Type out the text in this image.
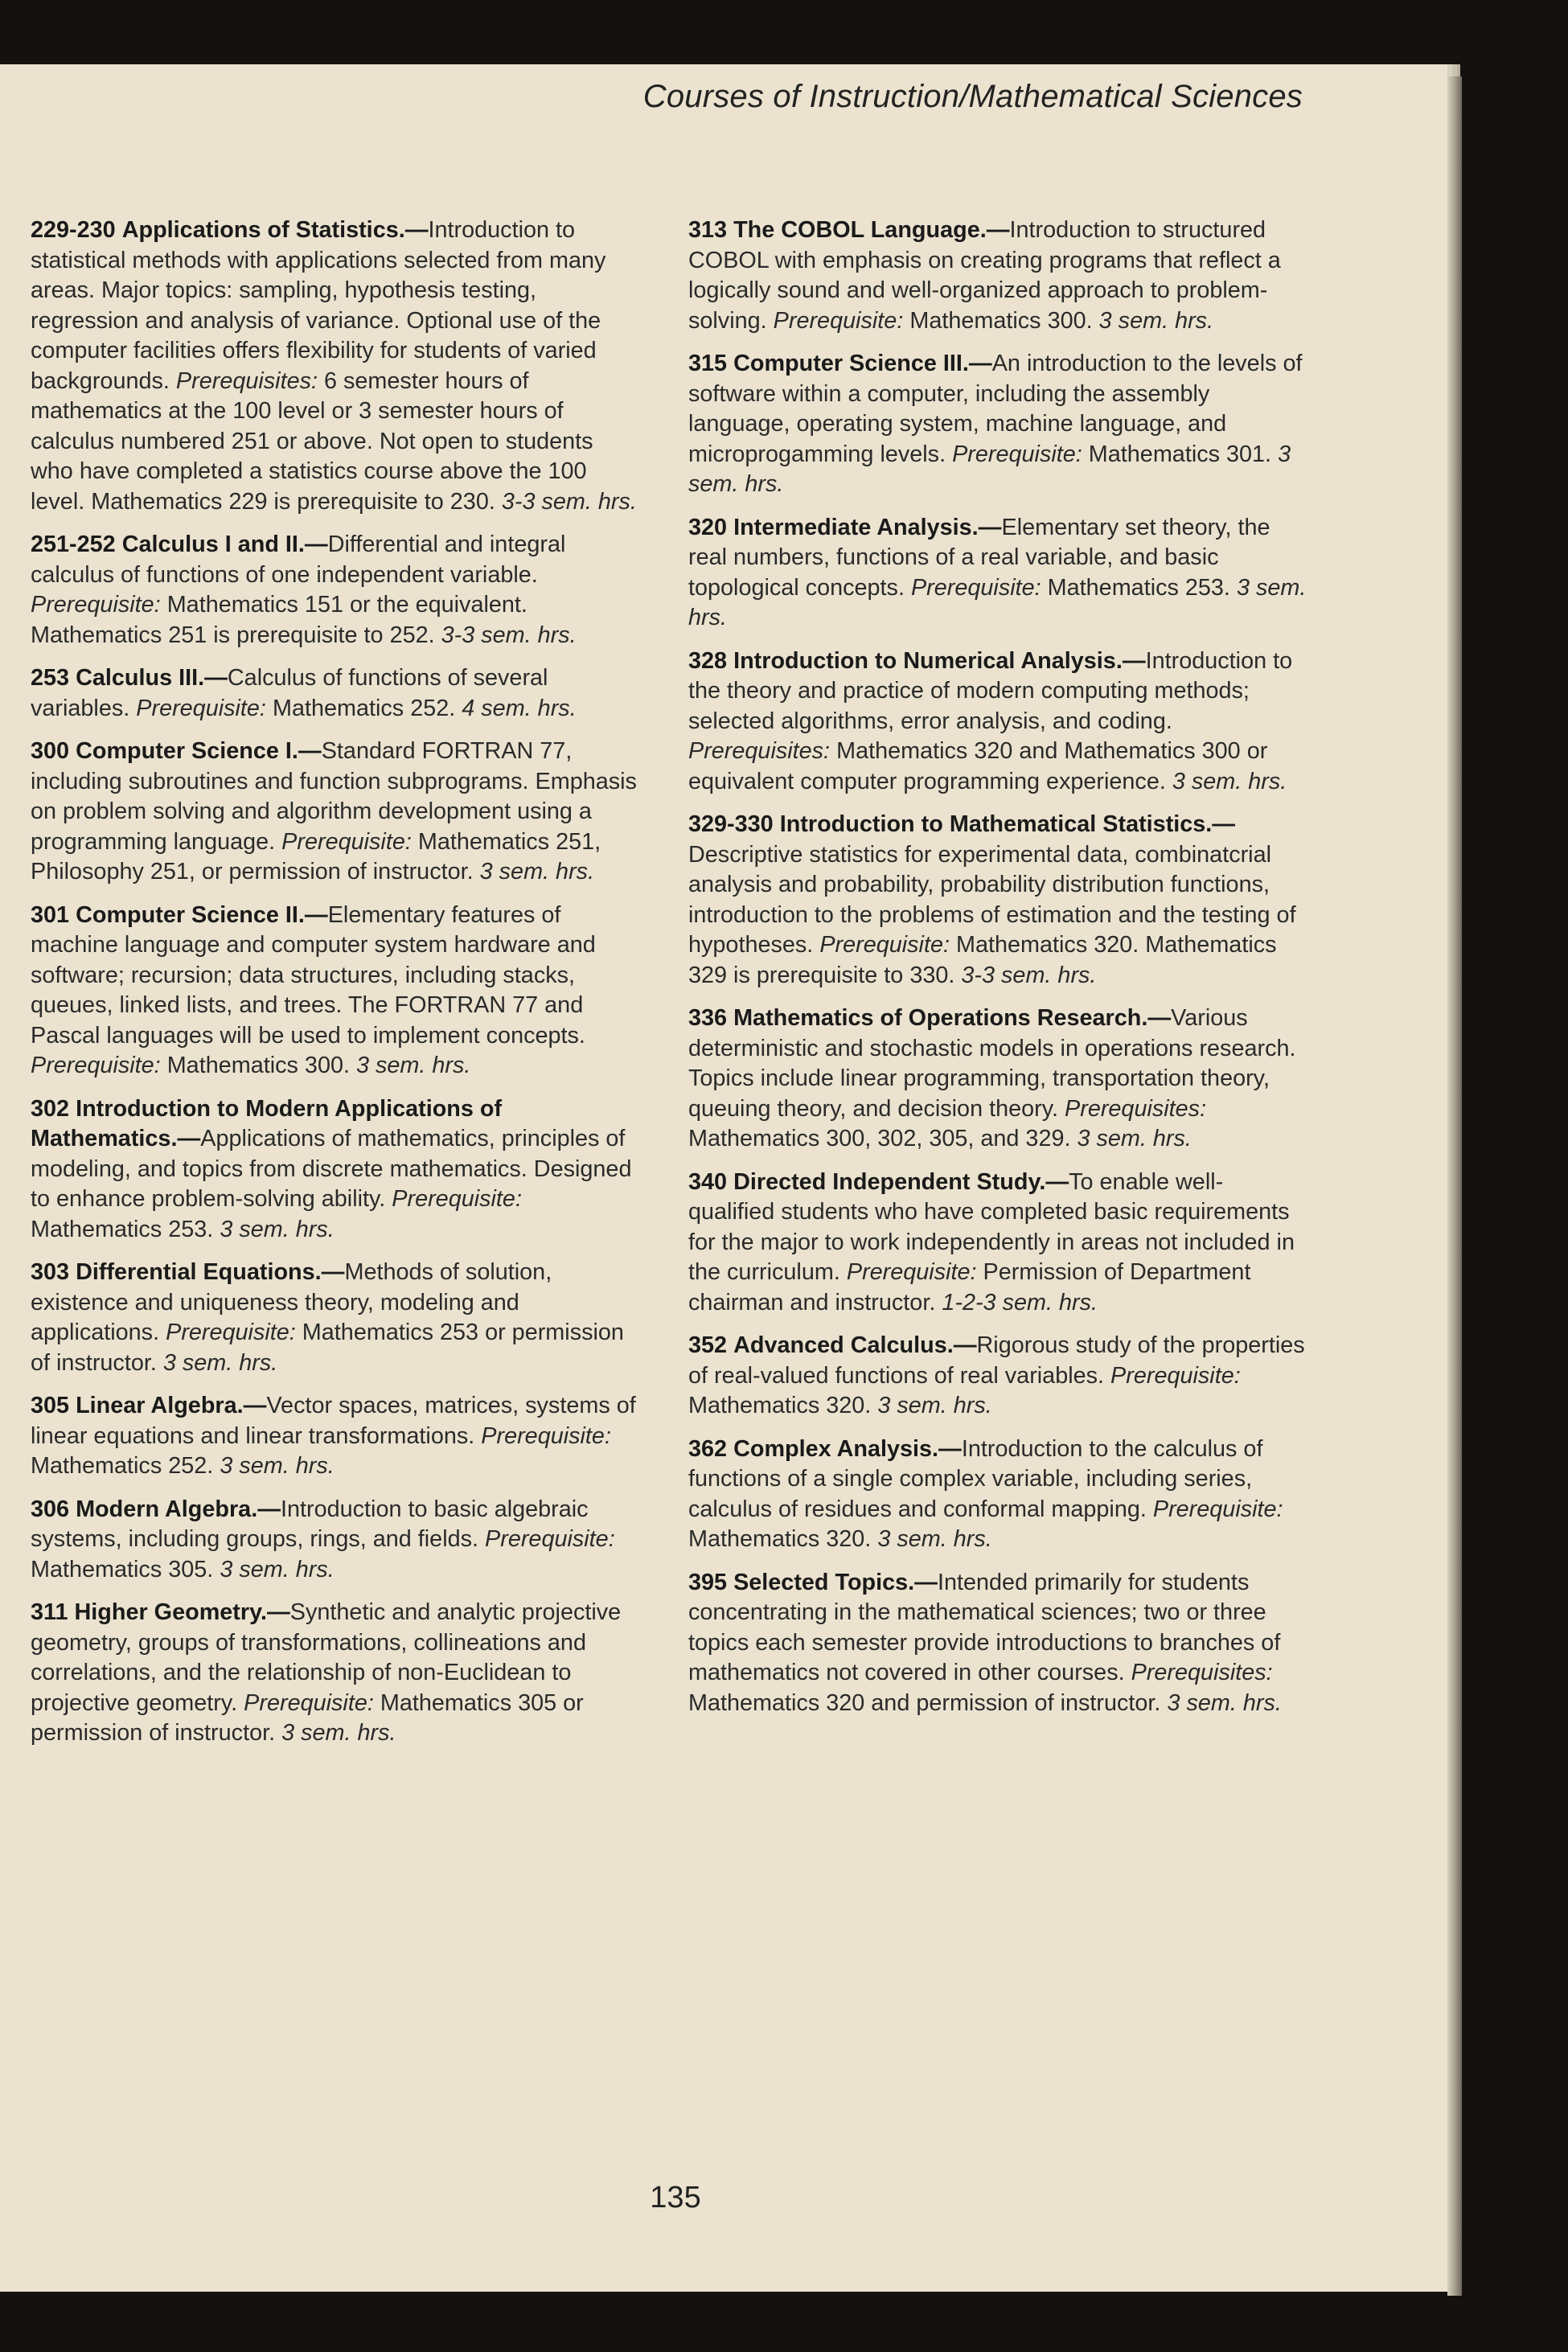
Courses of Instruction/Mathematical Sciences

229-230 Applications of Statistics.—Introduction to statistical methods with applications selected from many areas. Major topics: sampling, hypothesis testing, regression and analysis of variance. Optional use of the computer facilities offers flexibility for students of varied backgrounds. Prerequisites: 6 semester hours of mathematics at the 100 level or 3 semester hours of calculus numbered 251 or above. Not open to students who have completed a statistics course above the 100 level. Mathematics 229 is prerequisite to 230. 3-3 sem. hrs.

251-252 Calculus I and II.—Differential and integral calculus of functions of one independent variable. Prerequisite: Mathematics 151 or the equivalent. Mathematics 251 is prerequisite to 252. 3-3 sem. hrs.

253 Calculus III.—Calculus of functions of several variables. Prerequisite: Mathematics 252. 4 sem. hrs.

300 Computer Science I.—Standard FORTRAN 77, including subroutines and function subprograms. Emphasis on problem solving and algorithm development using a programming language. Prerequisite: Mathematics 251, Philosophy 251, or permission of instructor. 3 sem. hrs.

301 Computer Science II.—Elementary features of machine language and computer system hardware and software; recursion; data structures, including stacks, queues, linked lists, and trees. The FORTRAN 77 and Pascal languages will be used to implement concepts. Prerequisite: Mathematics 300. 3 sem. hrs.

302 Introduction to Modern Applications of Mathematics.—Applications of mathematics, principles of modeling, and topics from discrete mathematics. Designed to enhance problem-solving ability. Prerequisite: Mathematics 253. 3 sem. hrs.

303 Differential Equations.—Methods of solution, existence and uniqueness theory, modeling and applications. Prerequisite: Mathematics 253 or permission of instructor. 3 sem. hrs.

305 Linear Algebra.—Vector spaces, matrices, systems of linear equations and linear transformations. Prerequisite: Mathematics 252. 3 sem. hrs.

306 Modern Algebra.—Introduction to basic algebraic systems, including groups, rings, and fields. Prerequisite: Mathematics 305. 3 sem. hrs.

311 Higher Geometry.—Synthetic and analytic projective geometry, groups of transformations, collineations and correlations, and the relationship of non-Euclidean to projective geometry. Prerequisite: Mathematics 305 or permission of instructor. 3 sem. hrs.

313 The COBOL Language.—Introduction to structured COBOL with emphasis on creating programs that reflect a logically sound and well-organized approach to problem-solving. Prerequisite: Mathematics 300. 3 sem. hrs.

315 Computer Science III.—An introduction to the levels of software within a computer, including the assembly language, operating system, machine language, and microprogamming levels. Prerequisite: Mathematics 301. 3 sem. hrs.

320 Intermediate Analysis.—Elementary set theory, the real numbers, functions of a real variable, and basic topological concepts. Prerequisite: Mathematics 253. 3 sem. hrs.

328 Introduction to Numerical Analysis.—Introduction to the theory and practice of modern computing methods; selected algorithms, error analysis, and coding. Prerequisites: Mathematics 320 and Mathematics 300 or equivalent computer programming experience. 3 sem. hrs.

329-330 Introduction to Mathematical Statistics.—Descriptive statistics for experimental data, combinatcrial analysis and probability, probability distribution functions, introduction to the problems of estimation and the testing of hypotheses. Prerequisite: Mathematics 320. Mathematics 329 is prerequisite to 330. 3-3 sem. hrs.

336 Mathematics of Operations Research.—Various deterministic and stochastic models in operations research. Topics include linear programming, transportation theory, queuing theory, and decision theory. Prerequisites: Mathematics 300, 302, 305, and 329. 3 sem. hrs.

340 Directed Independent Study.—To enable well-qualified students who have completed basic requirements for the major to work independently in areas not included in the curriculum. Prerequisite: Permission of Department chairman and instructor. 1-2-3 sem. hrs.

352 Advanced Calculus.—Rigorous study of the properties of real-valued functions of real variables. Prerequisite: Mathematics 320. 3 sem. hrs.

362 Complex Analysis.—Introduction to the calculus of functions of a single complex variable, including series, calculus of residues and conformal mapping. Prerequisite: Mathematics 320. 3 sem. hrs.

395 Selected Topics.—Intended primarily for students concentrating in the mathematical sciences; two or three topics each semester provide introductions to branches of mathematics not covered in other courses. Prerequisites: Mathematics 320 and permission of instructor. 3 sem. hrs.

135
